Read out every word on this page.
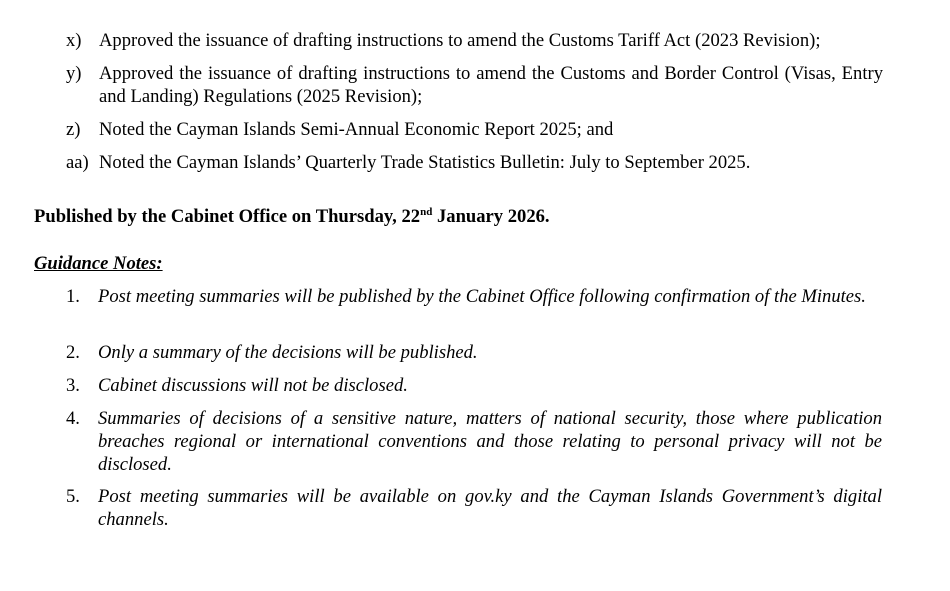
x) Approved the issuance of drafting instructions to amend the Customs Tariff Act (2023 Revision);
y) Approved the issuance of drafting instructions to amend the Customs and Border Control (Visas, Entry and Landing) Regulations (2025 Revision);
z) Noted the Cayman Islands Semi-Annual Economic Report 2025; and
aa) Noted the Cayman Islands’ Quarterly Trade Statistics Bulletin: July to September 2025.
Published by the Cabinet Office on Thursday, 22nd January 2026.
Guidance Notes:
1. Post meeting summaries will be published by the Cabinet Office following confirmation of the Minutes.
2. Only a summary of the decisions will be published.
3. Cabinet discussions will not be disclosed.
4. Summaries of decisions of a sensitive nature, matters of national security, those where publication breaches regional or international conventions and those relating to personal privacy will not be disclosed.
5. Post meeting summaries will be available on gov.ky and the Cayman Islands Government’s digital channels.
